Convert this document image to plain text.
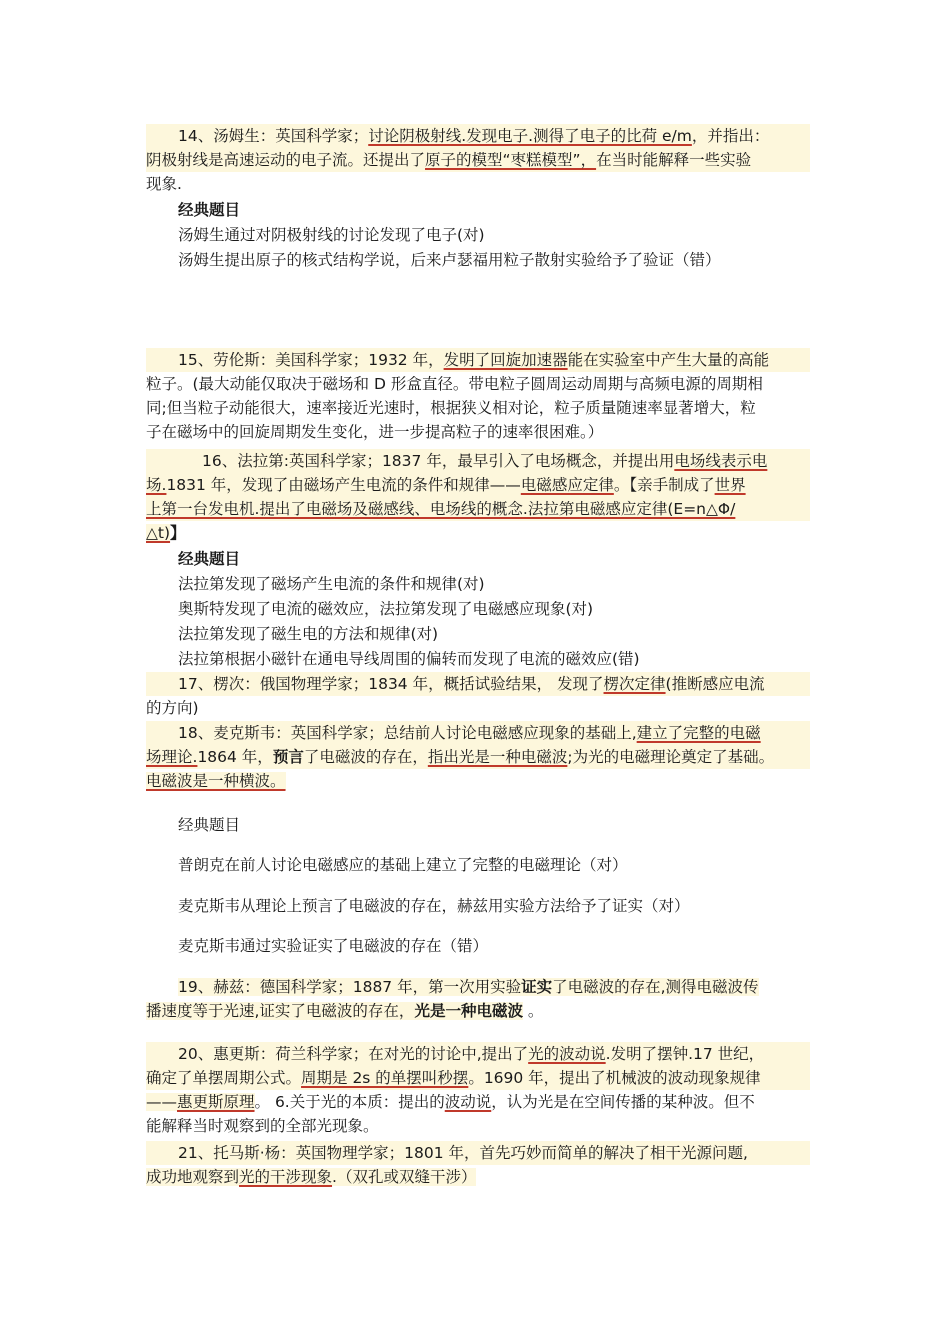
14、汤姆生：英国科学家；讨论阴极射线.发现电子.测得了电子的比荷 e/m，并指出：
阴极射线是高速运动的电子流。还提出了原子的模型“枣糕模型”，在当时能解释一些实验
现象.

经典题目

汤姆生通过对阴极射线的讨论发现了电子(对)

汤姆生提出原子的核式结构学说，后来卢瑟福用粒子散射实验给予了验证（错）

15、劳伦斯：美国科学家；1932 年，发明了回旋加速器能在实验室中产生大量的高能
粒子。(最大动能仅取决于磁场和 D 形盒直径。带电粒子圆周运动周期与高频电源的周期相
同;但当粒子动能很大，速率接近光速时，根据狭义相对论，粒子质量随速率显著增大，粒
子在磁场中的回旋周期发生变化，进一步提高粒子的速率很困难。）
16、法拉第:英国科学家；1837 年，最早引入了电场概念，并提出用电场线表示电
场.1831 年，发现了由磁场产生电流的条件和规律——电磁感应定律。【亲手制成了世界
上第一台发电机.提出了电磁场及磁感线、电场线的概念.法拉第电磁感应定律(E=n△Φ/
△t)】

经典题目

法拉第发现了磁场产生电流的条件和规律(对)

奥斯特发现了电流的磁效应，法拉第发现了电磁感应现象(对)

法拉第发现了磁生电的方法和规律(对)

法拉第根据小磁针在通电导线周围的偏转而发现了电流的磁效应(错)

17、楞次：俄国物理学家；1834 年，概括试验结果， 发现了楞次定律(推断感应电流
的方向)
18、麦克斯韦：英国科学家；总结前人讨论电磁感应现象的基础上,建立了完整的电磁
场理论.1864 年，预言了电磁波的存在，指出光是一种电磁波;为光的电磁理论奠定了基础。
电磁波是一种横波。

经典题目

普朗克在前人讨论电磁感应的基础上建立了完整的电磁理论（对）

麦克斯韦从理论上预言了电磁波的存在，赫兹用实验方法给予了证实（对）

麦克斯韦通过实验证实了电磁波的存在（错）

19、赫兹：德国科学家；1887 年，第一次用实验证实了电磁波的存在,测得电磁波传
播速度等于光速,证实了电磁波的存在，光是一种电磁波 。
20、惠更斯：荷兰科学家；在对光的讨论中,提出了光的波动说.发明了摆钟.17 世纪，
确定了单摆周期公式。周期是 2s 的单摆叫秒摆。1690 年，提出了机械波的波动现象规律
——惠更斯原理。 6.关于光的本质：提出的波动说，认为光是在空间传播的某种波。但不
能解释当时观察到的全部光现象。
21、托马斯·杨：英国物理学家；1801 年，首先巧妙而简单的解决了相干光源问题,
成功地观察到光的干涉现象.（双孔或双缝干涉）
